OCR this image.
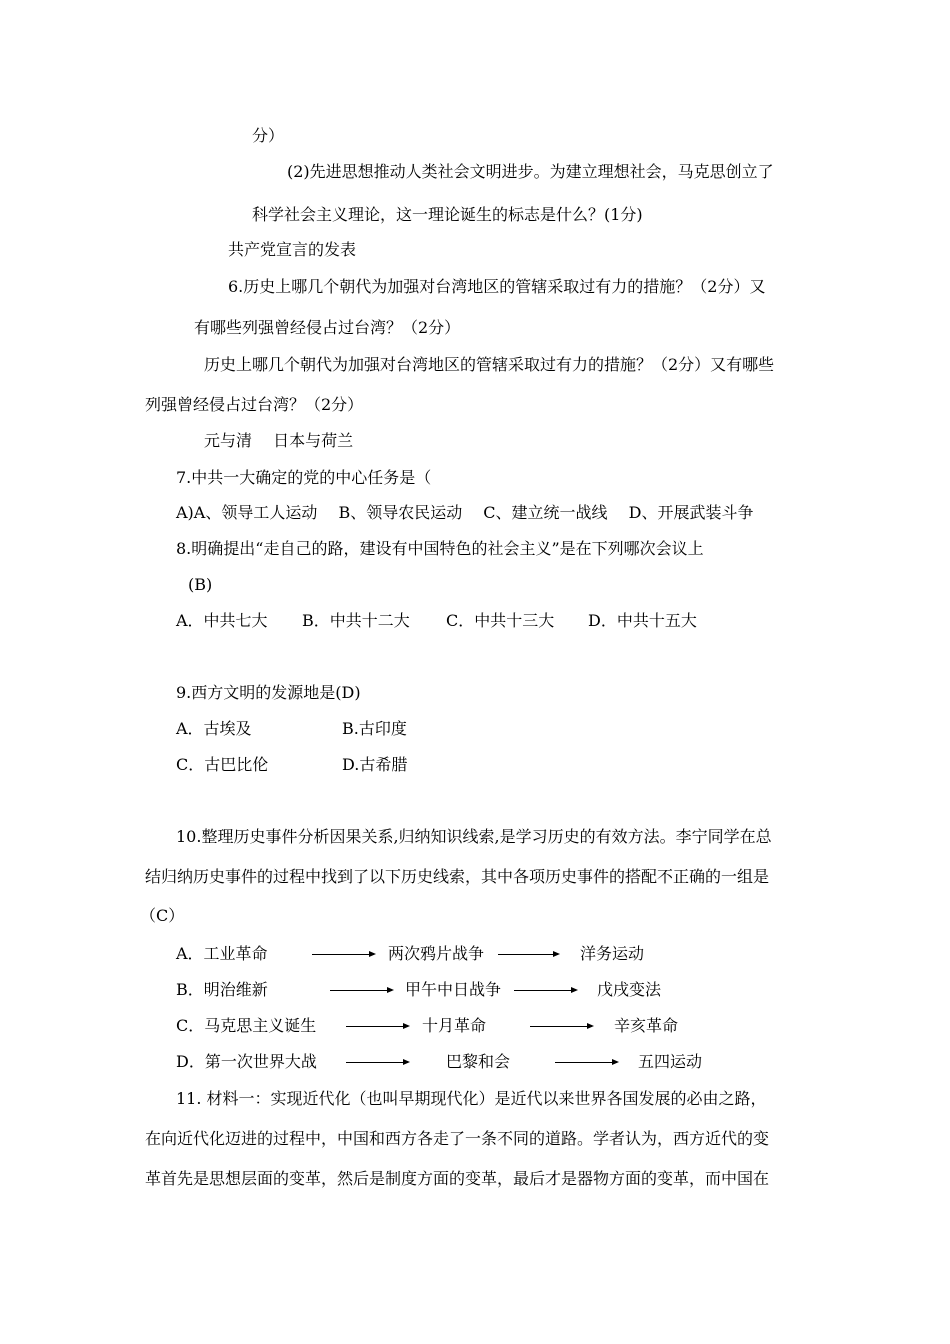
分）
(2)先进思想推动人类社会文明进步。为建立理想社会，马克思创立了
科学社会主义理论，这一理论诞生的标志是什么？(1分)
共产党宣言的发表
6.历史上哪几个朝代为加强对台湾地区的管辖采取过有力的措施？（2分）又
有哪些列强曾经侵占过台湾？（2分）
历史上哪几个朝代为加强对台湾地区的管辖采取过有力的措施？（2分）又有哪些
列强曾经侵占过台湾？（2分）
元与清　 日本与荷兰
7.中共一大确定的党的中心任务是（
A)A、领导工人运动　 B、领导农民运动　 C、建立统一战线　 D、开展武装斗争
8.明确提出“走自己的路，建设有中国特色的社会主义”是在下列哪次会议上
(B)
A．中共七大 B．中共十二大 C．中共十三大 D．中共十五大
9.西方文明的发源地是(D)
A．古埃及	B.古印度
C．古巴比伦	D.古希腊
10.整理历史事件分析因果关系,归纳知识线索,是学习历史的有效方法。李宁同学在总
结归纳历史事件的过程中找到了以下历史线索，其中各项历史事件的搭配不正确的一组是
（C）
A．工业革命	两次鸦片战争	洋务运动
B．明治维新	甲午中日战争	戊戌变法
C．马克思主义诞生	十月革命	辛亥革命
D．第一次世界大战	巴黎和会	五四运动
11. 材料一：实现近代化（也叫早期现代化）是近代以来世界各国发展的必由之路，
在向近代化迈进的过程中，中国和西方各走了一条不同的道路。学者认为，西方近代的变
革首先是思想层面的变革，然后是制度方面的变革，最后才是器物方面的变革，而中国在
